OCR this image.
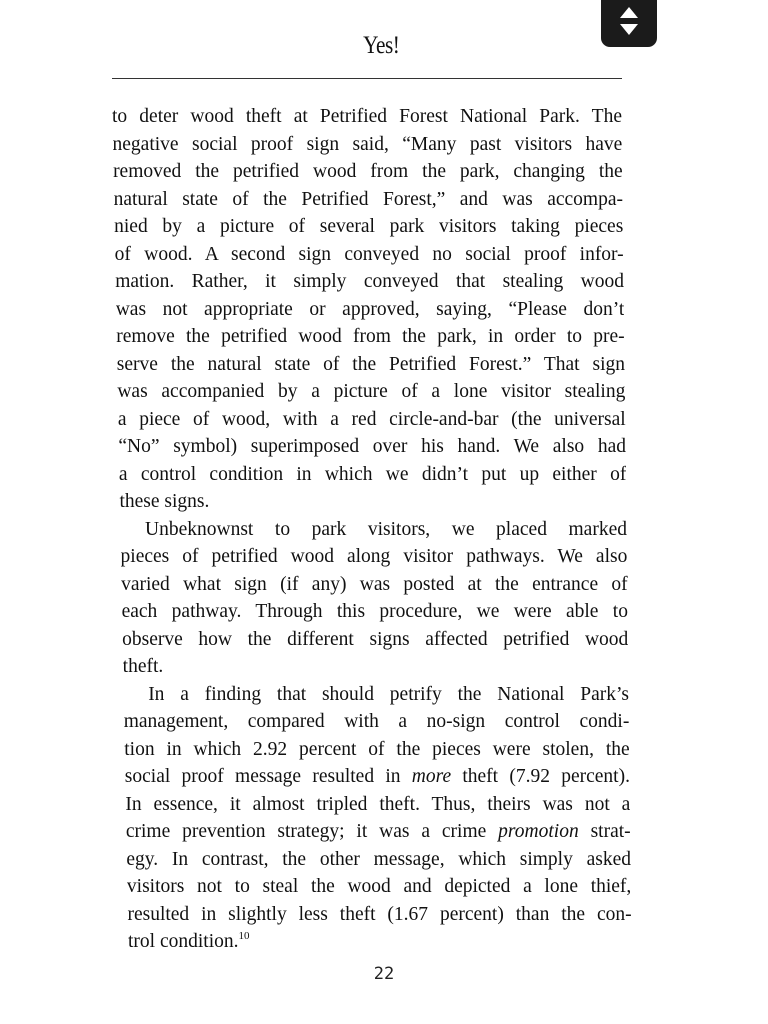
Yes!
to deter wood theft at Petrified Forest National Park. The
negative social proof sign said, “Many past visitors have
removed the petrified wood from the park, changing the
natural state of the Petrified Forest,” and was accompa-
nied by a picture of several park visitors taking pieces
of wood. A second sign conveyed no social proof infor-
mation. Rather, it simply conveyed that stealing wood
was not appropriate or approved, saying, “Please don’t
remove the petrified wood from the park, in order to pre-
serve the natural state of the Petrified Forest.” That sign
was accompanied by a picture of a lone visitor stealing
a piece of wood, with a red circle-and-bar (the universal
“No” symbol) superimposed over his hand. We also had
a control condition in which we didn’t put up either of
these signs.
Unbeknownst to park visitors, we placed marked
pieces of petrified wood along visitor pathways. We also
varied what sign (if any) was posted at the entrance of
each pathway. Through this procedure, we were able to
observe how the different signs affected petrified wood
theft.
In a finding that should petrify the National Park’s
management, compared with a no-sign control condi-
tion in which 2.92 percent of the pieces were stolen, the
social proof message resulted in more theft (7.92 percent).
In essence, it almost tripled theft. Thus, theirs was not a
crime prevention strategy; it was a crime promotion strat-
egy. In contrast, the other message, which simply asked
visitors not to steal the wood and depicted a lone thief,
resulted in slightly less theft (1.67 percent) than the con-
trol condition.$^{10}$
22
